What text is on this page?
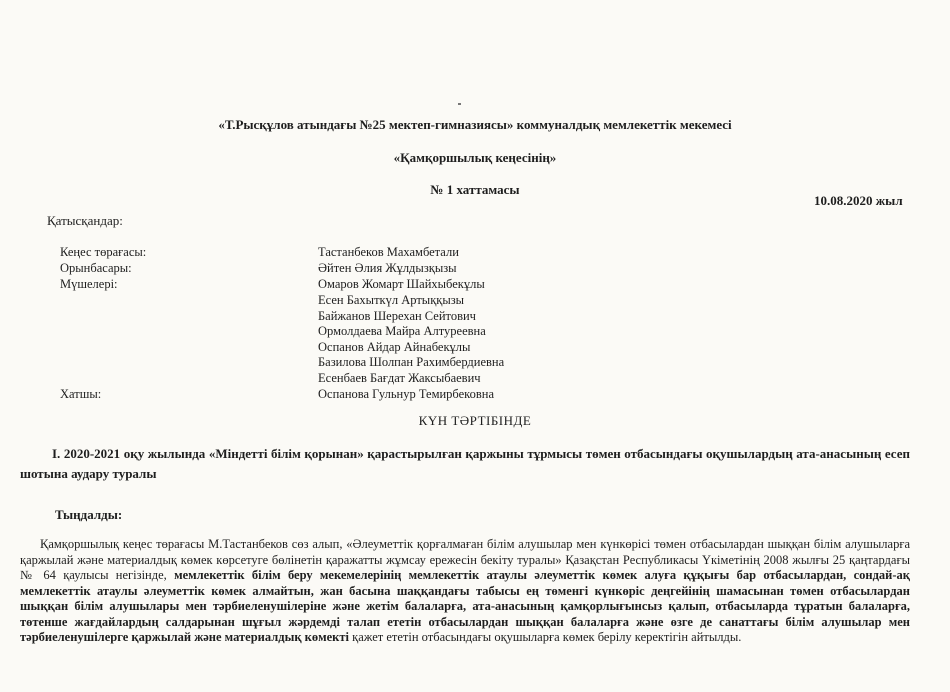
«Т.Рысқұлов атындағы №25 мектеп-гимназиясы» коммуналдық мемлекеттік мекемесі
«Қамқоршылық кеңесінің»
№ 1 хаттамасы
10.08.2020 жыл
Қатысқандар:
Кеңес төрағасы:	Тастанбеков Махамбетали
Орынбасары:	Әйтен Әлия Жұлдызқызы
Мүшелері:	Омаров Жомарт Шайхыбекұлы
Есен Бахыткүл Артыққызы
Байжанов Шерехан Сейтович
Ормолдаева Майра Алтуреевна
Оспанов Айдар Айнабекұлы
Базилова Шолпан Рахимбердиевна
Есенбаев Бағдат Жаксыбаевич
Хатшы:	Оспанова Гульнур Темирбековна
КҮН ТӘРТІБІНДЕ
I. 2020-2021 оқу жылында «Міндетті білім қорынан» қарастырылған қаржыны тұрмысы төмен отбасындағы оқушылардың ата-анасының есеп шотына аудару туралы
Тыңдалды:
Қамқоршылық кеңес төрағасы М.Тастанбеков сөз алып, «Әлеуметтік қорғалмаған білім алушылар мен күнкөрісі төмен отбасылардан шыққан білім алушыларға қаржылай және материалдық көмек көрсетуге бөлінетін қаражатты жұмсау ережесін бекіту туралы» Қазақстан Республикасы Үкіметінің 2008 жылғы 25 қаңтардағы № 64 қаулысы негізінде, мемлекеттік білім беру мекемелерінің мемлекеттік атаулы әлеуметтік көмек алуға құқығы бар отбасылардан, сондай-ақ мемлекеттік атаулы әлеуметтік көмек алмайтын, жан басына шаққандағы табысы ең төменгі күнкөріс деңгейінің шамасынан төмен отбасылардан шыққан білім алушылары мен тәрбиеленушілеріне және жетім балаларға, ата-анасының қамқорлығынсыз қалып, отбасыларда тұратын балаларға, төтенше жағдайлардың салдарынан шұғыл жәрдемді талап ететін отбасылардан шыққан балаларға және өзге де санаттағы білім алушылар мен тәрбиеленушілерге қаржылай және материалдық көмекті қажет ететін отбасындағы оқушыларға көмек берілу керектігін айтылды.
